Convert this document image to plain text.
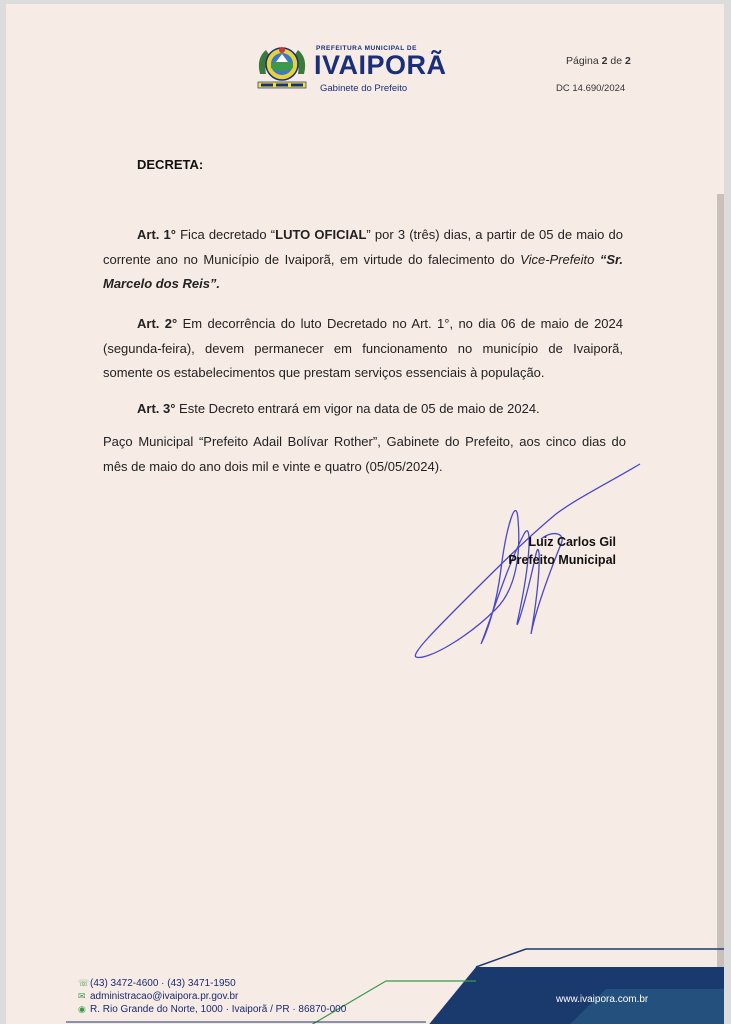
PREFEITURA MUNICIPAL DE
IVAIPORÃ
Gabinete do Prefeito
Página 2 de 2
DC 14.690/2024
DECRETA:
Art. 1° Fica decretado “LUTO OFICIAL” por 3 (três) dias, a partir de 05 de maio do corrente ano no Município de Ivaiporã, em virtude do falecimento do Vice-Prefeito “Sr. Marcelo dos Reis”.
Art. 2° Em decorrência do luto Decretado no Art. 1°, no dia 06 de maio de 2024 (segunda-feira), devem permanecer em funcionamento no município de Ivaiporã, somente os estabelecimentos que prestam serviços essenciais à população.
Art. 3° Este Decreto entrará em vigor na data de 05 de maio de 2024.
Paço Municipal “Prefeito Adail Bolívar Rother”, Gabinete do Prefeito, aos cinco dias do mês de maio do ano dois mil e vinte e quatro (05/05/2024).
Luiz Carlos Gil
Prefeito Municipal
☏(43) 3472-4600 · (43) 3471-1950
✉ administracao@ivaipora.pr.gov.br
◉ R. Rio Grande do Norte, 1000 · Ivaiporã / PR · 86870-000
www.ivaipora.com.br
